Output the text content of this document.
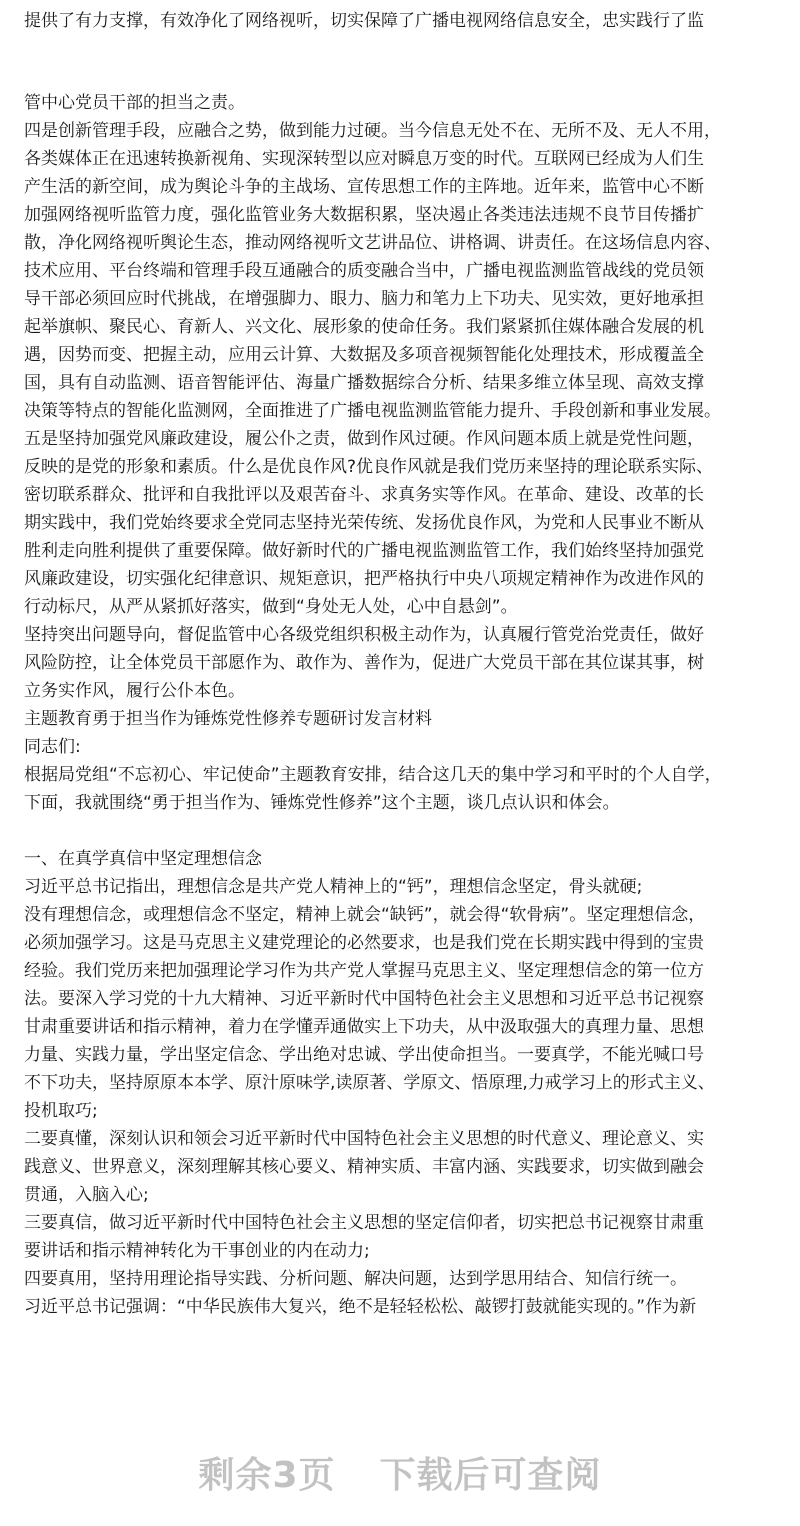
提供了有力支撑，有效净化了网络视听，切实保障了广播电视网络信息安全，忠实践行了监
管中心党员干部的担当之责。
四是创新管理手段，应融合之势，做到能力过硬。当今信息无处不在、无所不及、无人不用，
各类媒体正在迅速转换新视角、实现深转型以应对瞬息万变的时代。互联网已经成为人们生
产生活的新空间，成为舆论斗争的主战场、宣传思想工作的主阵地。近年来，监管中心不断
加强网络视听监管力度，强化监管业务大数据积累，坚决遏止各类违法违规不良节目传播扩
散，净化网络视听舆论生态，推动网络视听文艺讲品位、讲格调、讲责任。在这场信息内容、
技术应用、平台终端和管理手段互通融合的质变融合当中，广播电视监测监管战线的党员领
导干部必须回应时代挑战，在增强脚力、眼力、脑力和笔力上下功夫、见实效，更好地承担
起举旗帜、聚民心、育新人、兴文化、展形象的使命任务。我们紧紧抓住媒体融合发展的机
遇，因势而变、把握主动，应用云计算、大数据及多项音视频智能化处理技术，形成覆盖全
国，具有自动监测、语音智能评估、海量广播数据综合分析、结果多维立体呈现、高效支撑
决策等特点的智能化监测网，全面推进了广播电视监测监管能力提升、手段创新和事业发展。
五是坚持加强党风廉政建设，履公仆之责，做到作风过硬。作风问题本质上就是党性问题，
反映的是党的形象和素质。什么是优良作风?优良作风就是我们党历来坚持的理论联系实际、
密切联系群众、批评和自我批评以及艰苦奋斗、求真务实等作风。在革命、建设、改革的长
期实践中，我们党始终要求全党同志坚持光荣传统、发扬优良作风，为党和人民事业不断从
胜利走向胜利提供了重要保障。做好新时代的广播电视监测监管工作，我们始终坚持加强党
风廉政建设，切实强化纪律意识、规矩意识，把严格执行中央八项规定精神作为改进作风的
行动标尺，从严从紧抓好落实，做到“身处无人处，心中自悬剑”。
坚持突出问题导向，督促监管中心各级党组织积极主动作为，认真履行管党治党责任，做好
风险防控，让全体党员干部愿作为、敢作为、善作为，促进广大党员干部在其位谋其事，树
立务实作风，履行公仆本色。
主题教育勇于担当作为锤炼党性修养专题研讨发言材料
同志们:
根据局党组“不忘初心、牢记使命”主题教育安排，结合这几天的集中学习和平时的个人自学，
下面，我就围绕“勇于担当作为、锤炼党性修养”这个主题，谈几点认识和体会。
一、在真学真信中坚定理想信念
习近平总书记指出，理想信念是共产党人精神上的“钙”，理想信念坚定，骨头就硬;
没有理想信念，或理想信念不坚定，精神上就会“缺钙”，就会得“软骨病”。坚定理想信念，
必须加强学习。这是马克思主义建党理论的必然要求，也是我们党在长期实践中得到的宝贵
经验。我们党历来把加强理论学习作为共产党人掌握马克思主义、坚定理想信念的第一位方
法。要深入学习党的十九大精神、习近平新时代中国特色社会主义思想和习近平总书记视察
甘肃重要讲话和指示精神，着力在学懂弄通做实上下功夫，从中汲取强大的真理力量、思想
力量、实践力量，学出坚定信念、学出绝对忠诚、学出使命担当。一要真学，不能光喊口号
不下功夫，坚持原原本本学、原汁原味学,读原著、学原文、悟原理,力戒学习上的形式主义、
投机取巧;
二要真懂，深刻认识和领会习近平新时代中国特色社会主义思想的时代意义、理论意义、实
践意义、世界意义，深刻理解其核心要义、精神实质、丰富内涵、实践要求，切实做到融会
贯通，入脑入心;
三要真信，做习近平新时代中国特色社会主义思想的坚定信仰者，切实把总书记视察甘肃重
要讲话和指示精神转化为干事创业的内在动力;
四要真用，坚持用理论指导实践、分析问题、解决问题，达到学思用结合、知信行统一。
习近平总书记强调：“中华民族伟大复兴，绝不是轻轻松松、敲锣打鼓就能实现的。”作为新
剩余3页 下载后可查阅
